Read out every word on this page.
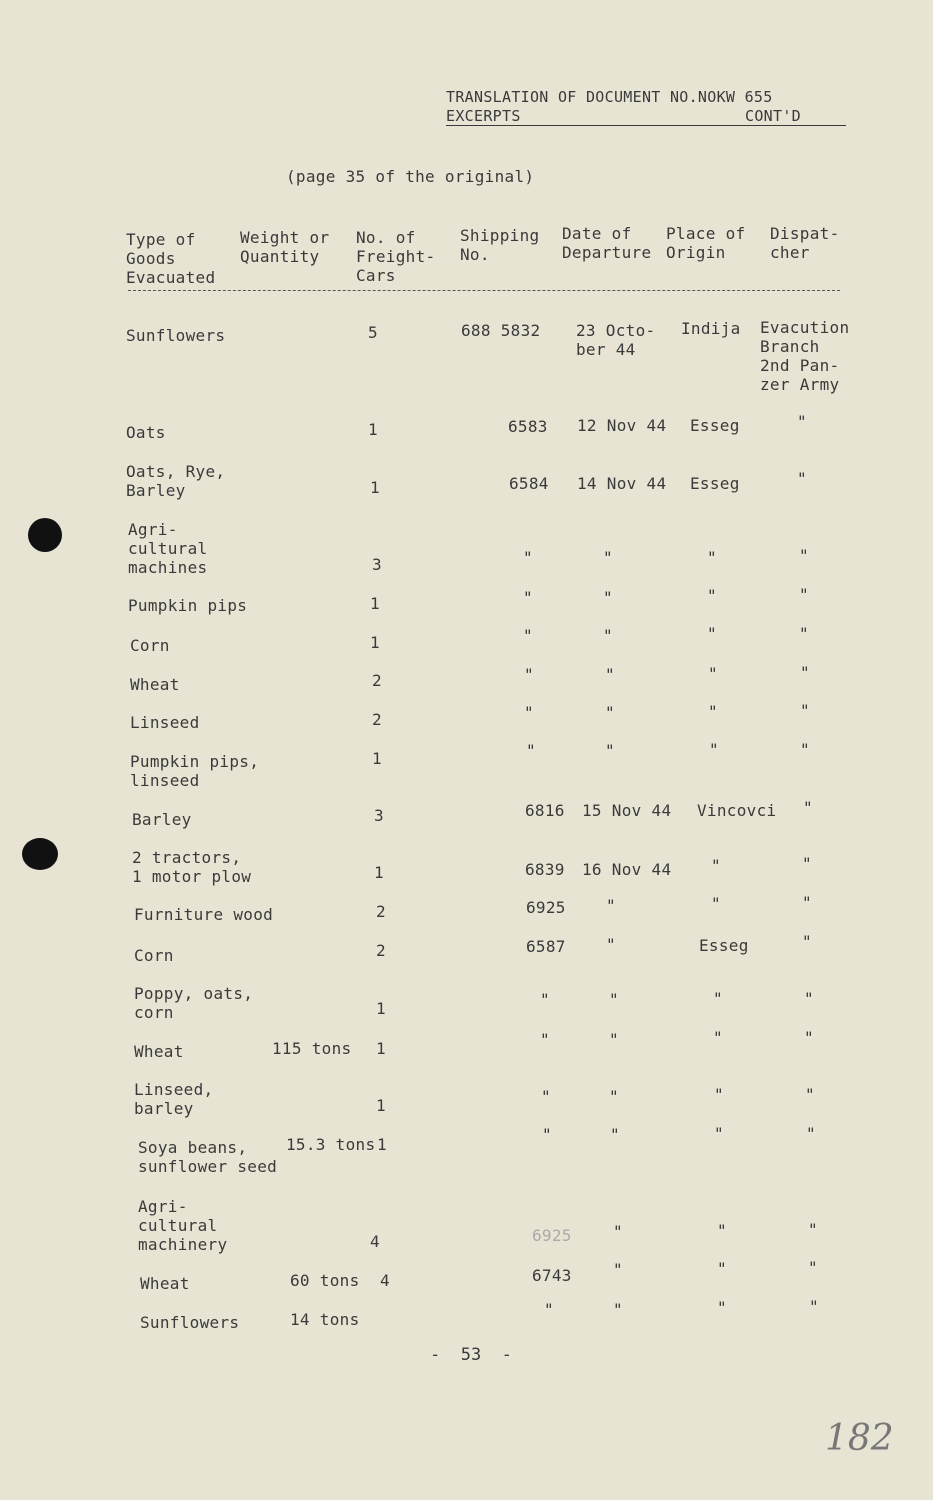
TRANSLATION OF DOCUMENT NO.NOKW 655
EXCERPTS	CONT'D
(page 35 of the original)
Type of
Goods
Evacuated
Weight or
Quantity
No. of
Freight-
Cars
Shipping
No.
Date of
Departure
Place of
Origin
Dispat-
cher
Sunflowers	5	688 5832 23 Octo-
ber 44
Indija Evacution
Branch
2nd Pan-
zer Army
Oats	1	6583 12 Nov 44 Esseg	"
Oats, Rye,
Barley	1	6584 14 Nov 44 Esseg	"
Agri-
cultural
machines	3	"	"	"	"
Pumpkin pips	1	"	"	"	"
Corn	1	"	"	"	"
Wheat	2	"	"	"	"
Linseed	2	"	"	"	"
Pumpkin pips,
linseed
1	"	"	"	"
Barley	3	6816 15 Nov 44 Vincovci "
2 tractors,
1 motor plow	1	6839 16 Nov 44 "	"
Furniture wood	2	6925	"	"	"
Corn	2	6587	"	Esseg	"
Poppy, oats,
corn	1	"	"	"	"
Wheat	115 tons 1	"	"	"	"
Linseed,
barley	1	"	"	"	"
Soya beans,
sunflower seed
15.3 tons 1
"	"	"	"
Agri-
cultural
machinery	4	6925	"	"	"
Wheat	60 tons 4	6743	"	"	"
Sunflowers	14 tons
"	"	"	"
-  53  -
182
